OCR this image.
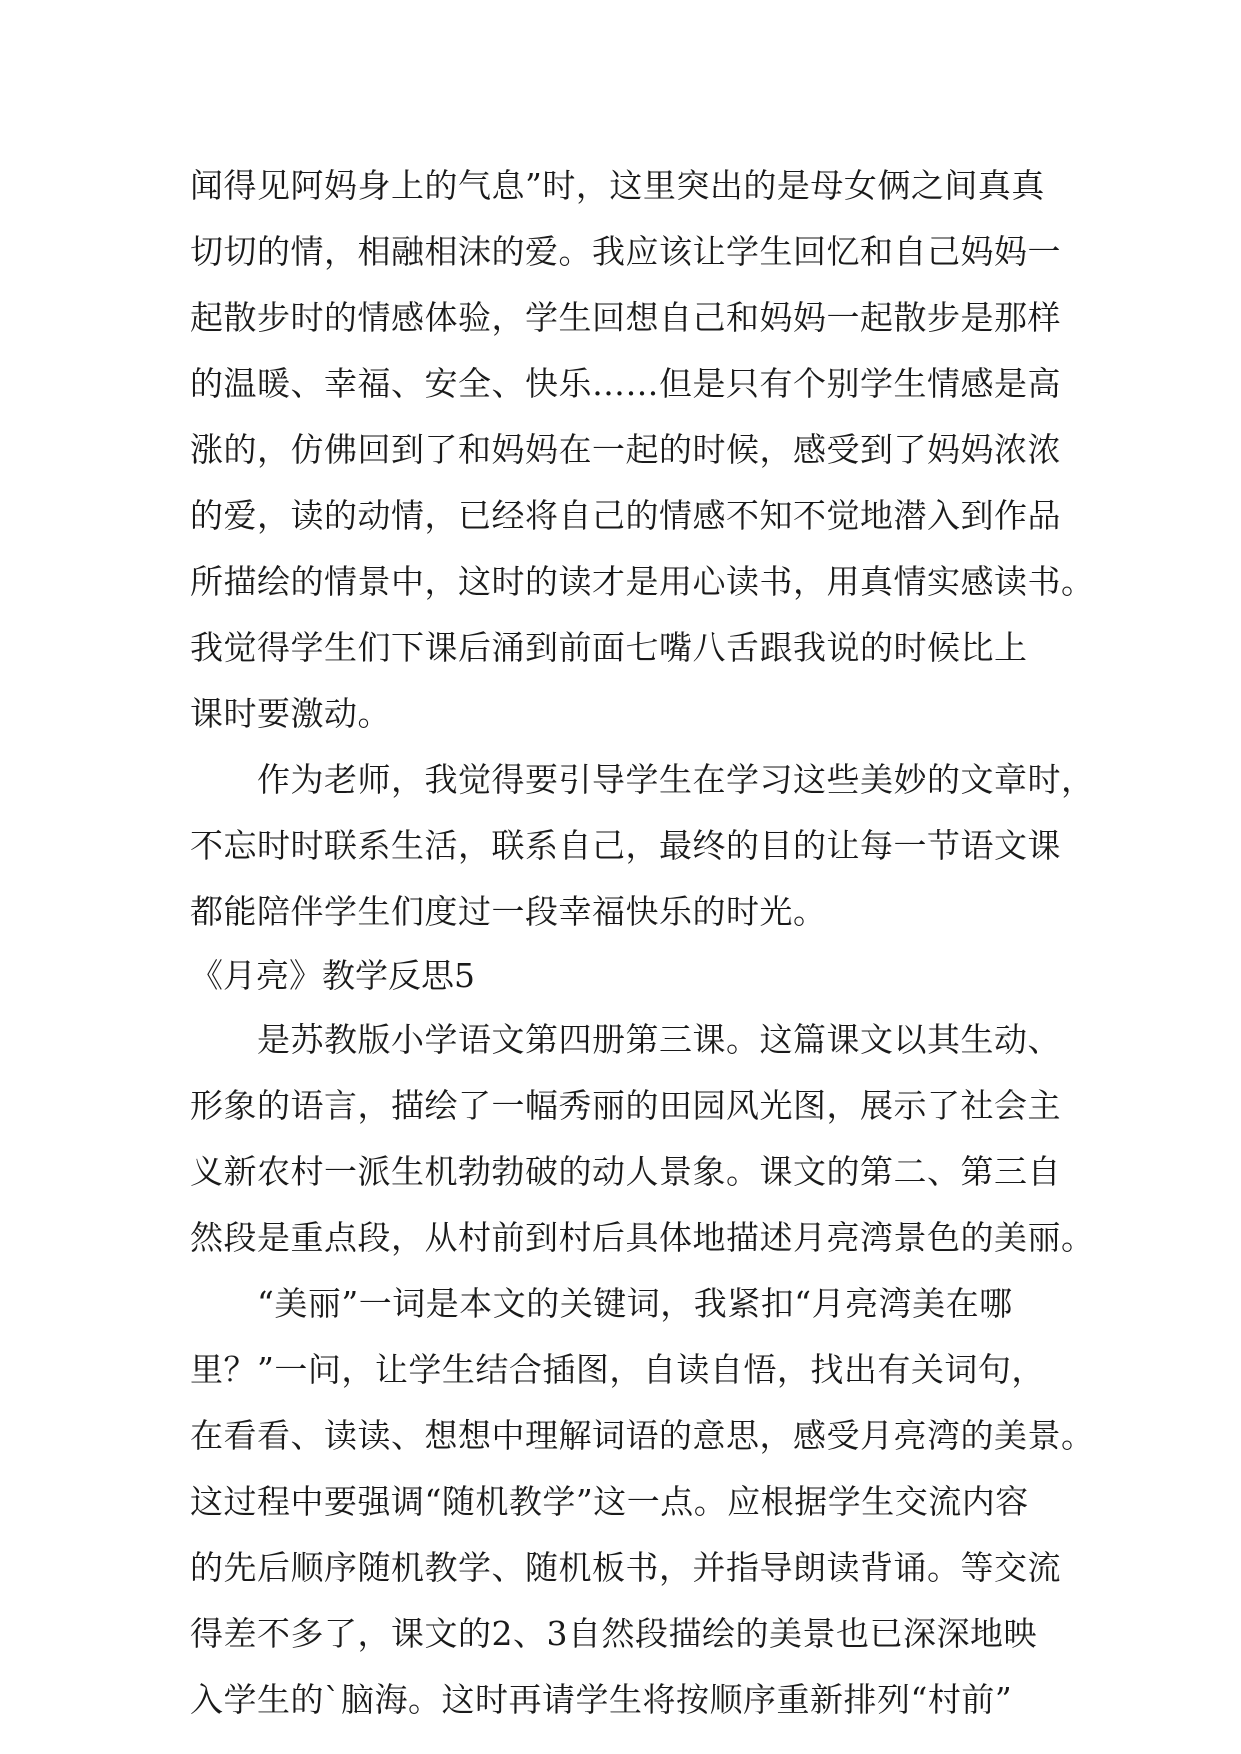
闻得见阿妈身上的气息”时，这里突出的是母女俩之间真真
切切的情，相融相沫的爱。我应该让学生回忆和自己妈妈一
起散步时的情感体验，学生回想自己和妈妈一起散步是那样
的温暖、幸福、安全、快乐……但是只有个别学生情感是高
涨的，仿佛回到了和妈妈在一起的时候，感受到了妈妈浓浓
的爱，读的动情，已经将自己的情感不知不觉地潜入到作品
所描绘的情景中，这时的读才是用心读书，用真情实感读书。
我觉得学生们下课后涌到前面七嘴八舌跟我说的时候比上
课时要激动。
作为老师，我觉得要引导学生在学习这些美妙的文章时，
不忘时时联系生活，联系自己，最终的目的让每一节语文课
都能陪伴学生们度过一段幸福快乐的时光。
《月亮》教学反思5
是苏教版小学语文第四册第三课。这篇课文以其生动、
形象的语言，描绘了一幅秀丽的田园风光图，展示了社会主
义新农村一派生机勃勃破的动人景象。课文的第二、第三自
然段是重点段，从村前到村后具体地描述月亮湾景色的美丽。
“美丽”一词是本文的关键词，我紧扣“月亮湾美在哪
里？”一问，让学生结合插图，自读自悟，找出有关词句，
在看看、读读、想想中理解词语的意思，感受月亮湾的美景。
这过程中要强调“随机教学”这一点。应根据学生交流内容
的先后顺序随机教学、随机板书，并指导朗读背诵。等交流
得差不多了，课文的2、3自然段描绘的美景也已深深地映
入学生的`脑海。这时再请学生将按顺序重新排列“村前”
